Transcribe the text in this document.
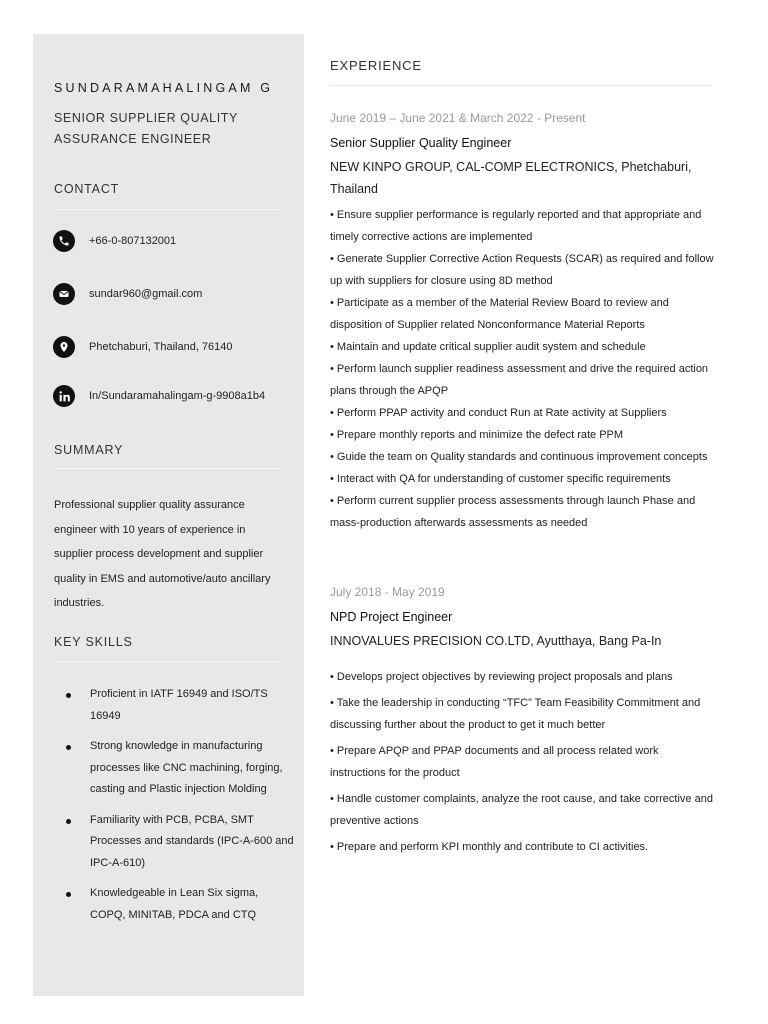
SUNDARAMAHALINGAM G
SENIOR SUPPLIER QUALITY ASSURANCE ENGINEER
CONTACT
+66-0-807132001
sundar960@gmail.com
Phetchaburi, Thailand, 76140
In/Sundaramahalingam-g-9908a1b4
SUMMARY
Professional supplier quality assurance engineer with 10 years of experience in supplier process development and supplier quality in EMS and automotive/auto ancillary industries.
KEY SKILLS
Proficient in IATF 16949 and ISO/TS 16949
Strong knowledge in manufacturing processes like CNC machining, forging, casting and Plastic injection Molding
Familiarity with PCB, PCBA, SMT Processes and standards (IPC-A-600 and IPC-A-610)
Knowledgeable in Lean Six sigma, COPQ, MINITAB, PDCA and CTQ
EXPERIENCE
June 2019 – June 2021 & March 2022 - Present
Senior Supplier Quality Engineer
NEW KINPO GROUP, CAL-COMP ELECTRONICS, Phetchaburi, Thailand
• Ensure supplier performance is regularly reported and that appropriate and timely corrective actions are implemented
• Generate Supplier Corrective Action Requests (SCAR) as required and follow up with suppliers for closure using 8D method
• Participate as a member of the Material Review Board to review and disposition of Supplier related Nonconformance Material Reports
• Maintain and update critical supplier audit system and schedule
• Perform launch supplier readiness assessment and drive the required action plans through the APQP
• Perform PPAP activity and conduct Run at Rate activity at Suppliers
• Prepare monthly reports and minimize the defect rate PPM
• Guide the team on Quality standards and continuous improvement concepts
• Interact with QA for understanding of customer specific requirements
• Perform current supplier process assessments through launch Phase and mass-production afterwards assessments as needed
July 2018 - May 2019
NPD Project Engineer
INNOVALUES PRECISION CO.LTD, Ayutthaya, Bang Pa-In
• Develops project objectives by reviewing project proposals and plans
• Take the leadership in conducting “TFC” Team Feasibility Commitment and discussing further about the product to get it much better
• Prepare APQP and PPAP documents and all process related work instructions for the product
• Handle customer complaints, analyze the root cause, and take corrective and preventive actions
• Prepare and perform KPI monthly and contribute to CI activities.
